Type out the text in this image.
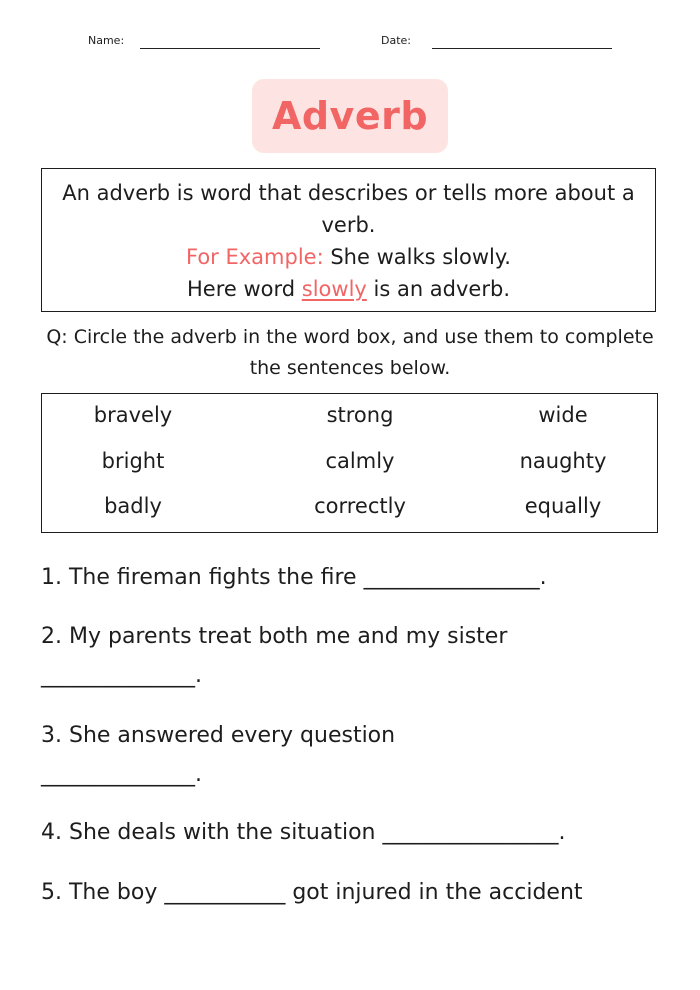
Name:	Date:
Adverb
An adverb is word that describes or tells more about a
verb.
For Example: She walks slowly.
Here word slowly is an adverb.
Q: Circle the adverb in the word box, and use them to complete
the sentences below.
bravely	strong	wide
bright	calmly	naughty
badly	correctly	equally
1. The fireman fights the fire ________________.
2. My parents treat both me and my sister
______________.
3. She answered every question
______________.
4. She deals with the situation ________________.
5. The boy ___________ got injured in the accident
